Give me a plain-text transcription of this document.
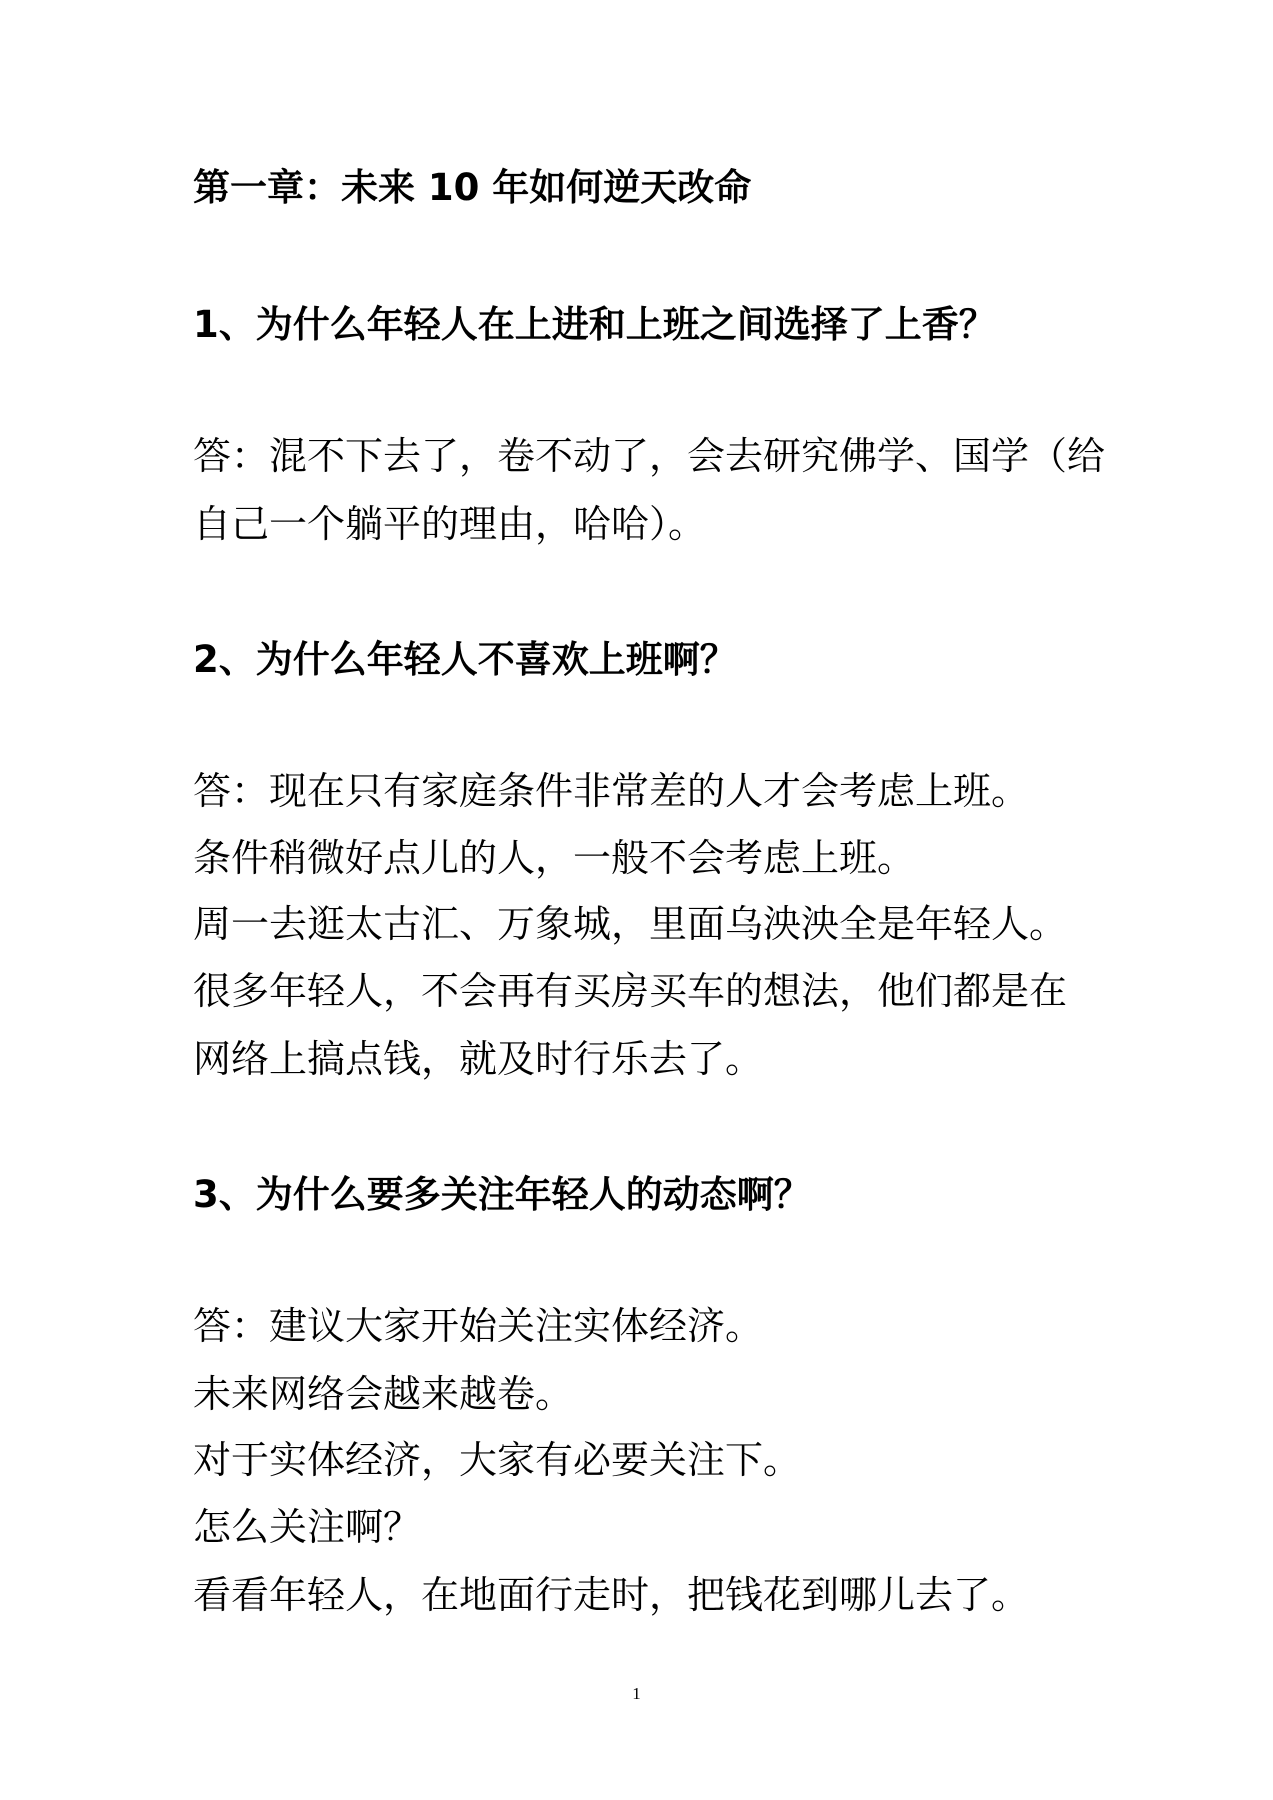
第一章：未来 10 年如何逆天改命
1、为什么年轻人在上进和上班之间选择了上香？
答：混不下去了，卷不动了，会去研究佛学、国学（给
自己一个躺平的理由，哈哈）。
2、为什么年轻人不喜欢上班啊？
答：现在只有家庭条件非常差的人才会考虑上班。
条件稍微好点儿的人，一般不会考虑上班。
周一去逛太古汇、万象城，里面乌泱泱全是年轻人。
很多年轻人，不会再有买房买车的想法，他们都是在
网络上搞点钱，就及时行乐去了。
3、为什么要多关注年轻人的动态啊？
答：建议大家开始关注实体经济。
未来网络会越来越卷。
对于实体经济，大家有必要关注下。
怎么关注啊？
看看年轻人，在地面行走时，把钱花到哪儿去了。
1
